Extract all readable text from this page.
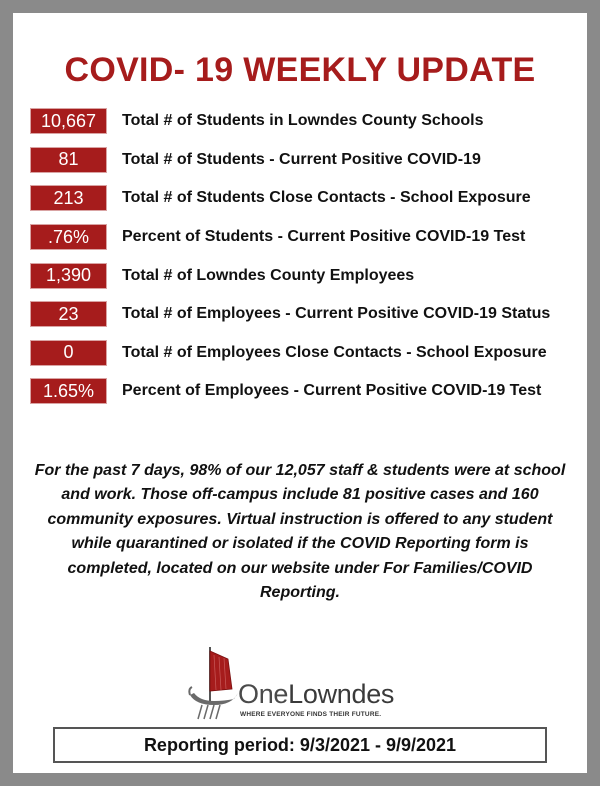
COVID- 19 WEEKLY UPDATE
10,667	Total # of Students in Lowndes County Schools
81	Total # of Students - Current Positive COVID-19
213	Total # of Students Close Contacts - School Exposure
.76%	Percent of Students - Current Positive COVID-19 Test
1,390	Total # of Lowndes County Employees
23	Total # of Employees - Current Positive COVID-19 Status
0	Total # of Employees Close Contacts - School Exposure
1.65%	Percent of Employees - Current Positive COVID-19 Test
For the past 7 days, 98% of our 12,057 staff & students were at school and work. Those off-campus include 81 positive cases and 160 community exposures. Virtual instruction is offered to any student while quarantined or isolated if the COVID Reporting form is completed, located on our website under For Families/COVID Reporting.
OneLowndes
WHERE EVERYONE FINDS THEIR FUTURE.
Reporting period: 9/3/2021 - 9/9/2021
